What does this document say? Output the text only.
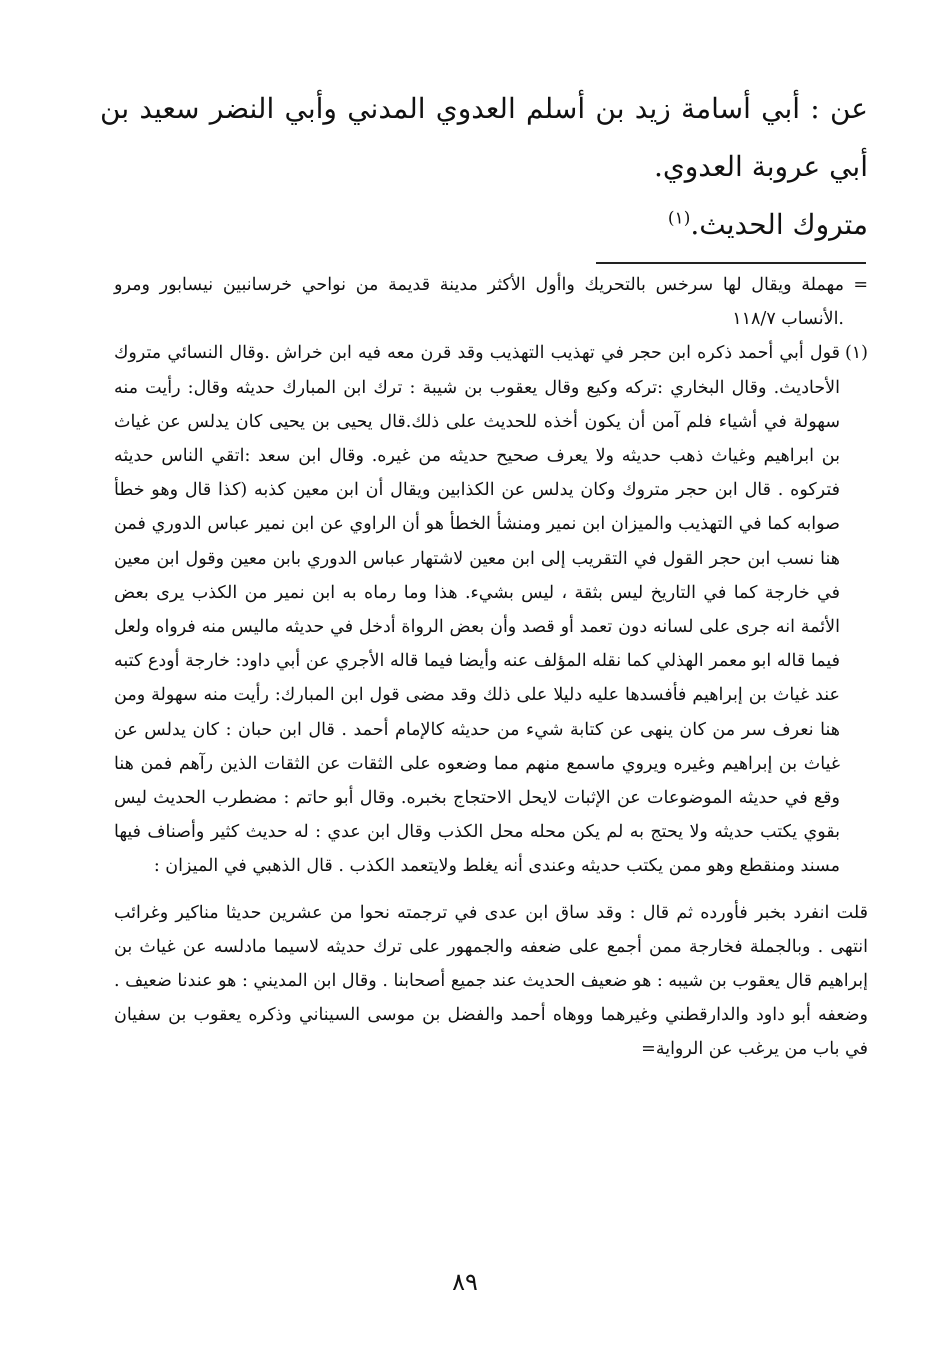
عن : أبي أسامة زيد بن أسلم العدوي المدني وأبي النضر سعيد بن أبي عروبة العدوي.

متروك الحديث.$^{(١)}$

=
مهملة ويقال لها سرخس بالتحريك واأول الأكثر مدينة قديمة من نواحي خرسانبين نيسابور ومرو .الأنساب ١١٨/٧

(١)
قول أبي أحمد ذكره ابن حجر في تهذيب التهذيب وقد قرن معه فيه ابن خراش .وقال النسائي متروك الأحاديث. وقال البخاري :تركه وكيع وقال يعقوب بن شيبة : ترك ابن المبارك حديثه وقال: رأيت منه سهولة في أشياء فلم آمن أن يكون أخذه للحديث على ذلك.قال يحيى بن يحيى كان يدلس عن غياث بن ابراهيم وغياث ذهب حديثه ولا يعرف صحيح حديثه من غيره. وقال ابن سعد :اتقي الناس حديثه فتركوه . قال ابن حجر متروك وكان يدلس عن الكذابين ويقال أن ابن معين كذبه (كذا قال وهو خطأ صوابه كما في التهذيب والميزان ابن نمير ومنشأ الخطأ هو أن الراوي عن ابن نمير عباس الدوري فمن هنا نسب ابن حجر القول في التقريب إلى ابن معين لاشتهار عباس الدوري بابن معين وقول ابن معين في خارجة كما في التاريخ ليس بثقة ، ليس بشيء. هذا وما رماه به ابن نمير من الكذب يرى بعض الأئمة انه جرى على لسانه دون تعمد أو قصد وأن بعض الرواة أدخل في حديثه ماليس منه فرواه ولعل فيما قاله ابو معمر الهذلي كما نقله المؤلف عنه وأيضا فيما قاله الأجري عن أبي داود: خارجة أودع كتبه عند غياث بن إبراهيم فأفسدها عليه دليلا على ذلك وقد مضى قول ابن المبارك: رأيت منه سهولة ومن هنا نعرف سر من كان ينهى عن كتابة شيء من حديثه كالإمام أحمد . قال ابن حبان : كان يدلس عن غياث بن إبراهيم وغيره ويروي ماسمع منهم مما وضعوه على الثقات عن الثقات الذين رآهم فمن هنا وقع في حديثه الموضوعات عن الإثبات لايحل الاحتجاج بخبره. وقال أبو حاتم : مضطرب الحديث ليس بقوي يكتب حديثه ولا يحتج به لم يكن محله محل الكذب وقال ابن عدي : له حديث كثير وأصناف فيها مسند ومنقطع وهو ممن يكتب حديثه وعندى أنه يغلط ولايتعمد الكذب . قال الذهبي في الميزان :

قلت انفرد بخبر فأورده ثم قال : وقد ساق ابن عدى في ترجمته نحوا من عشرين حديثا مناكير وغرائب انتهى . وبالجملة فخارجة ممن أجمع على ضعفه والجمهور على ترك حديثه لاسيما مادلسه عن غياث بن إبراهيم قال يعقوب بن شيبه : هو ضعيف الحديث عند جميع أصحابنا . وقال ابن المديني : هو عندنا ضعيف . وضعفه أبو داود والدارقطني وغيرهما ووهاه أحمد والفضل بن موسى السيناني وذكره يعقوب بن سفيان في باب من يرغب عن الرواية=

٨٩
